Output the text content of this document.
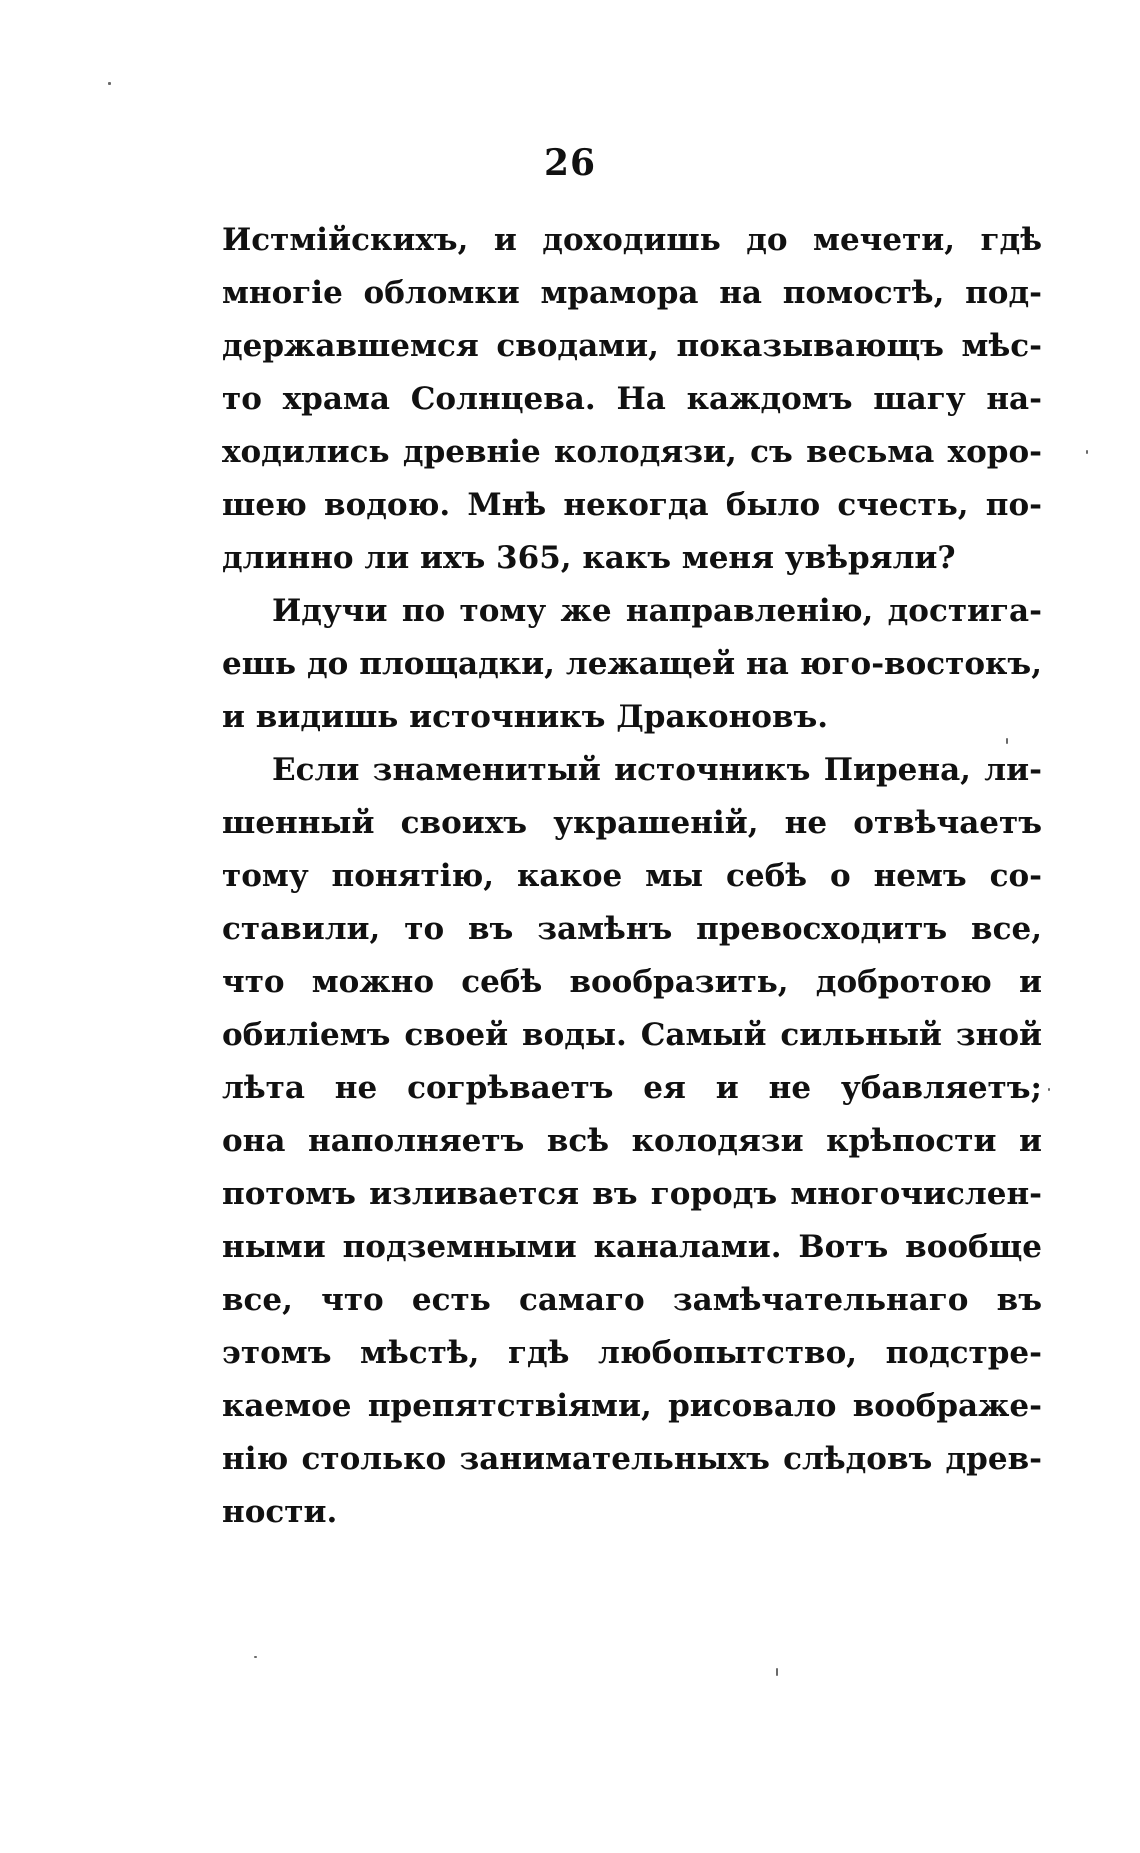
26
Истмійскихъ, и доходишь до мечети, гдѣ
многіе обломки мрамора на помостѣ, под-
державшемся сводами, показывающъ мѣс-
то храма Солнцева. На каждомъ шагу на-
ходились древніе колодязи, съ весьма хоро-
шею водою. Мнѣ некогда было счесть, по-
длинно ли ихъ 365, какъ меня увѣряли?
Идучи по тому же направленію, достига-
ешь до площадки, лежащей на юго-востокъ,
и видишь источникъ Драконовъ.
Если знаменитый источникъ Пирена, ли-
шенный своихъ украшеній, не отвѣчаетъ
тому понятію, какое мы себѣ о немъ со-
ставили, то въ замѣнъ превосходитъ все,
что можно себѣ вообразить, добротою и
обиліемъ своей воды. Самый сильный зной
лѣта не согрѣваетъ ея и не убавляетъ;
она наполняетъ всѣ колодязи крѣпости и
потомъ изливается въ городъ многочислен-
ными подземными каналами. Вотъ вообще
все, что есть самаго замѣчательнаго въ
этомъ мѣстѣ, гдѣ любопытство, подстре-
каемое препятствіями, рисовало воображе-
нію столько занимательныхъ слѣдовъ древ-
ности.
